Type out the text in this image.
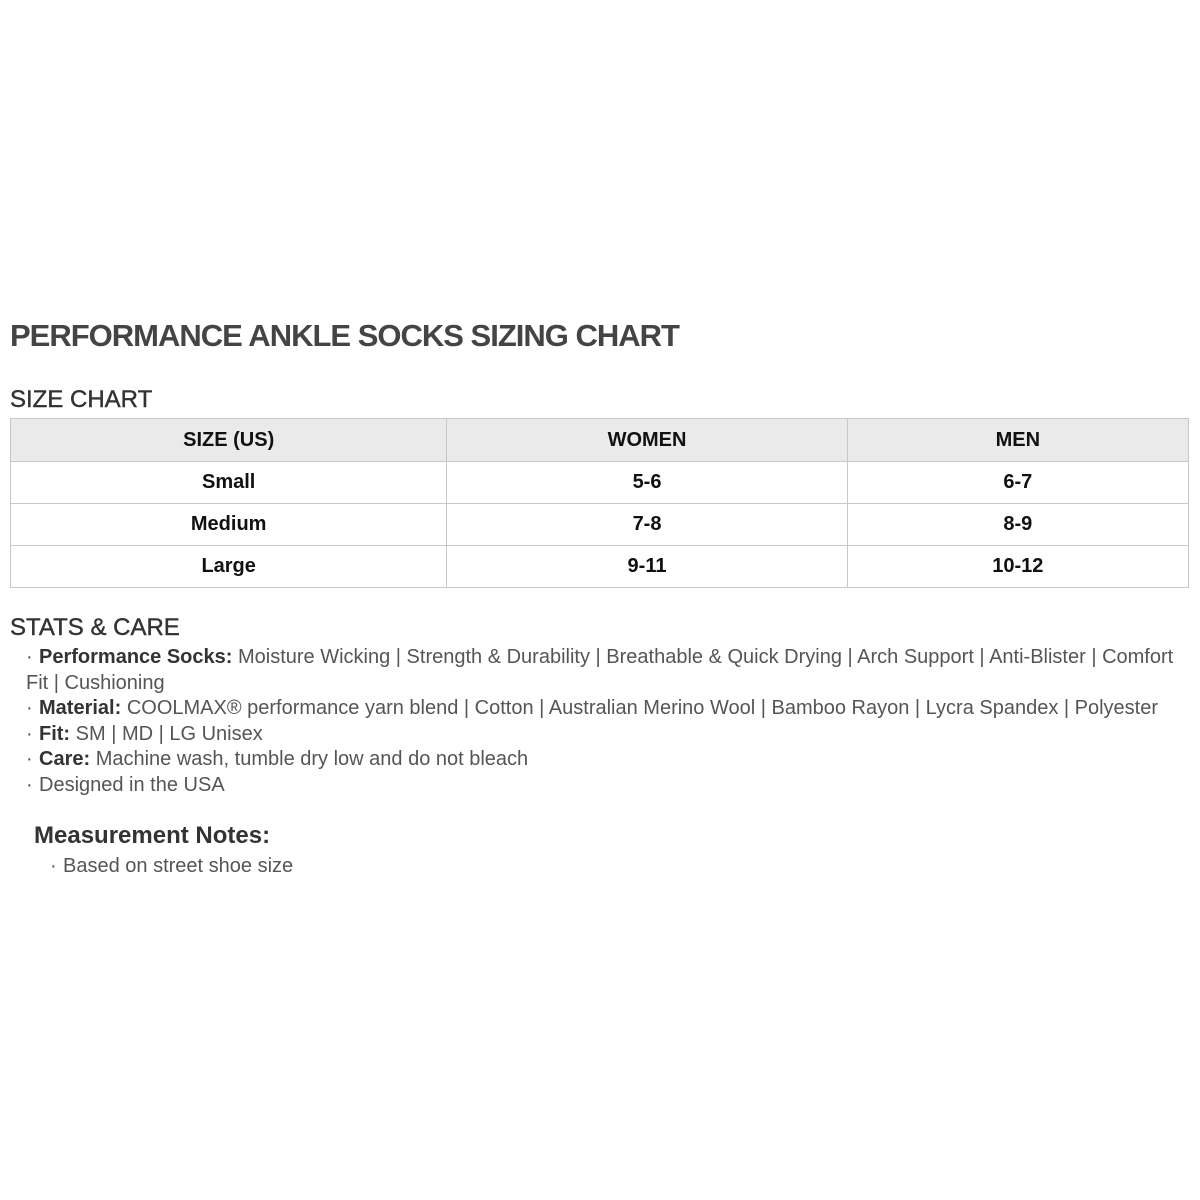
PERFORMANCE ANKLE SOCKS SIZING CHART
SIZE CHART
SIZE (US)	WOMEN	MEN
Small	5-6	6-7
Medium	7-8	8-9
Large	9-11	10-12
STATS & CARE
· Performance Socks: Moisture Wicking | Strength & Durability | Breathable & Quick Drying | Arch Support | Anti-Blister | Comfort Fit | Cushioning
· Material: COOLMAX® performance yarn blend | Cotton | Australian Merino Wool | Bamboo Rayon | Lycra Spandex | Polyester
· Fit: SM | MD | LG Unisex
· Care: Machine wash, tumble dry low and do not bleach
· Designed in the USA
Measurement Notes:
· Based on street shoe size
